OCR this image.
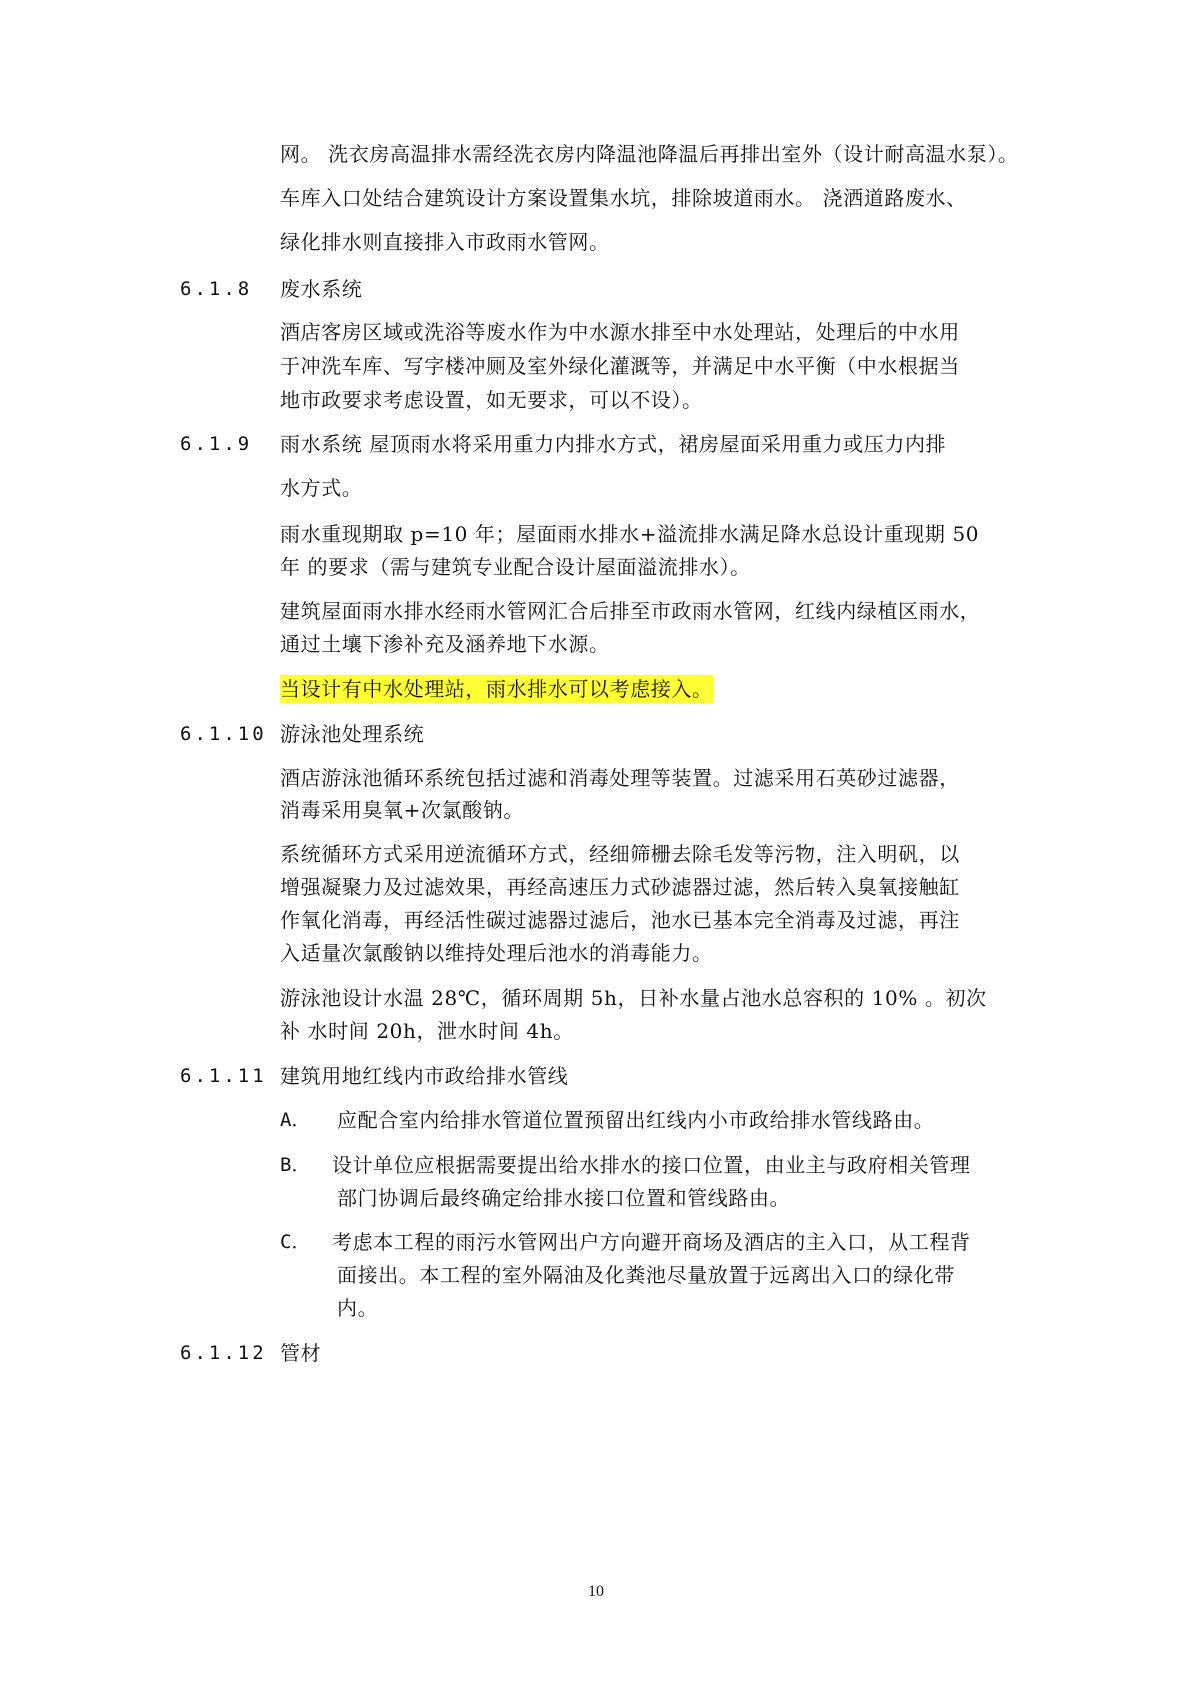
网。 洗衣房高温排水需经洗衣房内降温池降温后再排出室外（设计耐高温水泵）。
车库入口处结合建筑设计方案设置集水坑，排除坡道雨水。 浇洒道路废水、
绿化排水则直接排入市政雨水管网。
6.1.8 废水系统
酒店客房区域或洗浴等废水作为中水源水排至中水处理站，处理后的中水用
于冲洗车库、写字楼冲厕及室外绿化灌溉等，并满足中水平衡（中水根据当
地市政要求考虑设置，如无要求，可以不设）。
6.1.9 雨水系统 屋顶雨水将采用重力内排水方式，裙房屋面采用重力或压力内排
水方式。
雨水重现期取 p=10 年；屋面雨水排水+溢流排水满足降水总设计重现期 50
年 的要求（需与建筑专业配合设计屋面溢流排水）。
建筑屋面雨水排水经雨水管网汇合后排至市政雨水管网，红线内绿植区雨水，
通过土壤下渗补充及涵养地下水源。
当设计有中水处理站，雨水排水可以考虑接入。
6.1.10 游泳池处理系统
酒店游泳池循环系统包括过滤和消毒处理等装置。过滤采用石英砂过滤器，
消毒采用臭氧+次氯酸钠。
系统循环方式采用逆流循环方式，经细筛栅去除毛发等污物，注入明矾，以
增强凝聚力及过滤效果，再经高速压力式砂滤器过滤，然后转入臭氧接触缸
作氧化消毒，再经活性碳过滤器过滤后，池水已基本完全消毒及过滤，再注
入适量次氯酸钠以维持处理后池水的消毒能力。
游泳池设计水温 28℃，循环周期 5h，日补水量占池水总容积的 10% 。初次
补 水时间 20h，泄水时间 4h。
6.1.11 建筑用地红线内市政给排水管线
A． 应配合室内给排水管道位置预留出红线内小市政给排水管线路由。
B． 设计单位应根据需要提出给水排水的接口位置，由业主与政府相关管理
部门协调后最终确定给排水接口位置和管线路由。
C． 考虑本工程的雨污水管网出户方向避开商场及酒店的主入口，从工程背
面接出。本工程的室外隔油及化粪池尽量放置于远离出入口的绿化带
内。
6.1.12 管材
10
